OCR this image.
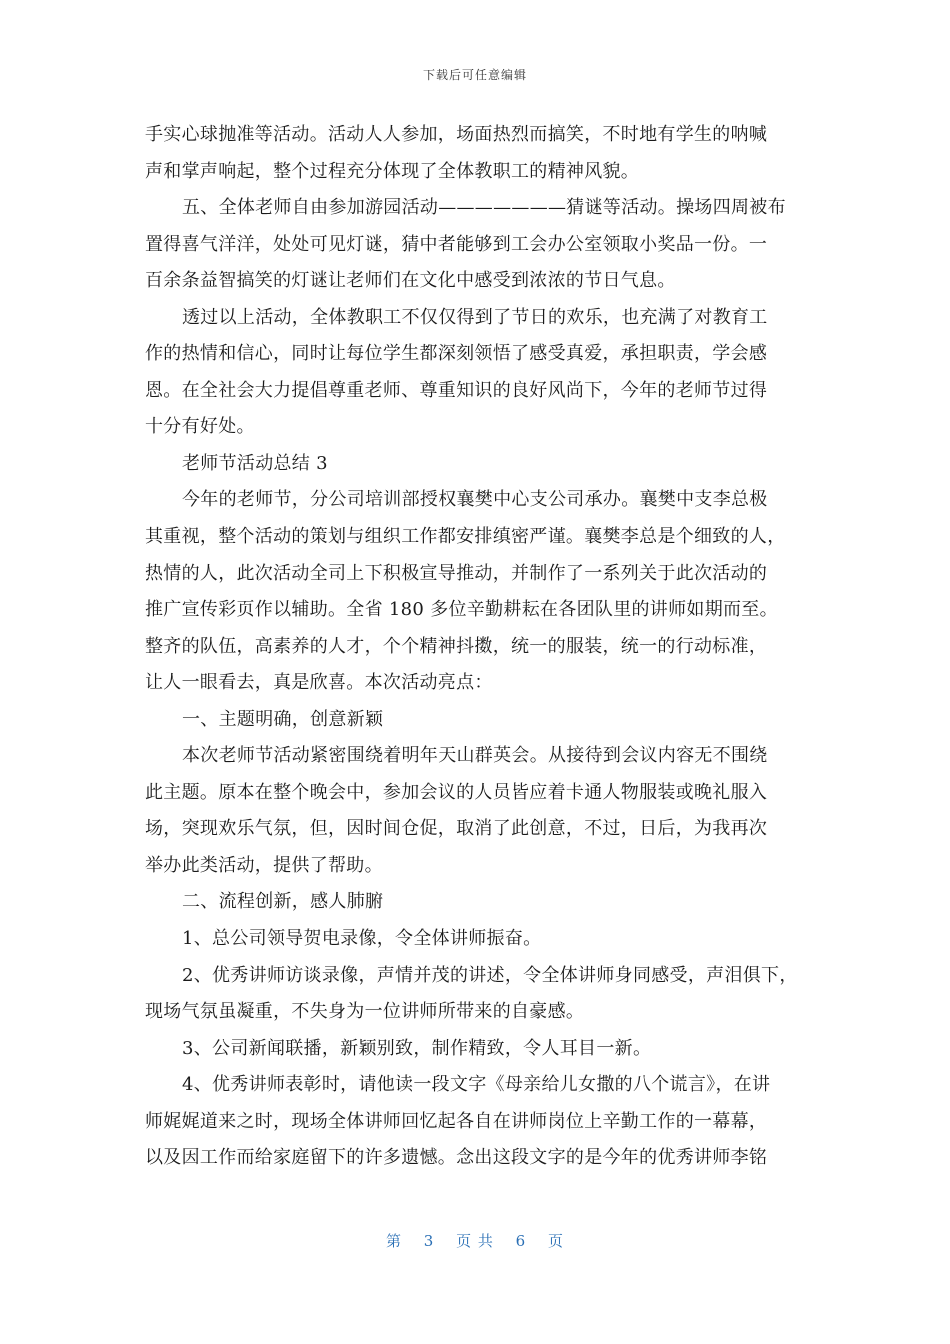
下载后可任意编辑
手实心球抛准等活动。活动人人参加，场面热烈而搞笑，不时地有学生的呐喊
声和掌声响起，整个过程充分体现了全体教职工的精神风貌。
五、全体老师自由参加游园活动———————猜谜等活动。操场四周被布
置得喜气洋洋，处处可见灯谜，猜中者能够到工会办公室领取小奖品一份。一
百余条益智搞笑的灯谜让老师们在文化中感受到浓浓的节日气息。
透过以上活动，全体教职工不仅仅得到了节日的欢乐，也充满了对教育工
作的热情和信心，同时让每位学生都深刻领悟了感受真爱，承担职责，学会感
恩。在全社会大力提倡尊重老师、尊重知识的良好风尚下，今年的老师节过得
十分有好处。
老师节活动总结 3
今年的老师节，分公司培训部授权襄樊中心支公司承办。襄樊中支李总极
其重视，整个活动的策划与组织工作都安排缜密严谨。襄樊李总是个细致的人，
热情的人，此次活动全司上下积极宣导推动，并制作了一系列关于此次活动的
推广宣传彩页作以辅助。全省 180 多位辛勤耕耘在各团队里的讲师如期而至。
整齐的队伍，高素养的人才，个个精神抖擞，统一的服装，统一的行动标准，
让人一眼看去，真是欣喜。本次活动亮点：
一、主题明确，创意新颖
本次老师节活动紧密围绕着明年天山群英会。从接待到会议内容无不围绕
此主题。原本在整个晚会中，参加会议的人员皆应着卡通人物服装或晚礼服入
场，突现欢乐气氛，但，因时间仓促，取消了此创意，不过，日后，为我再次
举办此类活动，提供了帮助。
二、流程创新，感人肺腑
1、总公司领导贺电录像，令全体讲师振奋。
2、优秀讲师访谈录像，声情并茂的讲述，令全体讲师身同感受，声泪俱下，
现场气氛虽凝重，不失身为一位讲师所带来的自豪感。
3、公司新闻联播，新颖别致，制作精致，令人耳目一新。
4、优秀讲师表彰时，请他读一段文字《母亲给儿女撒的八个谎言》，在讲
师娓娓道来之时，现场全体讲师回忆起各自在讲师岗位上辛勤工作的一幕幕，
以及因工作而给家庭留下的许多遗憾。念出这段文字的是今年的优秀讲师李铭
第 3 页 共 6 页
